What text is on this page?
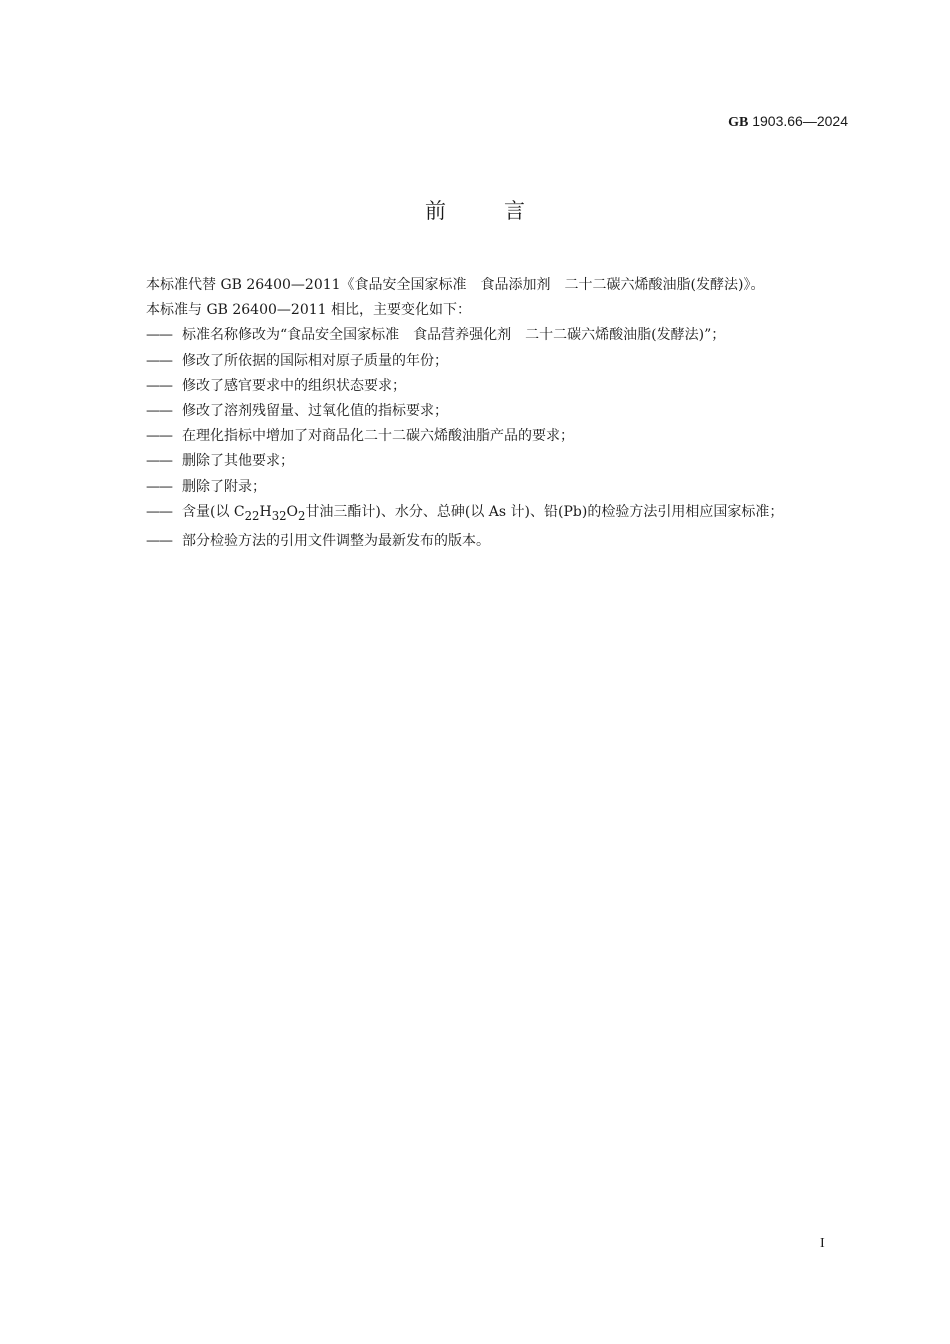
GB 1903.66—2024
前言
本标准代替 GB 26400—2011《食品安全国家标准　食品添加剂　二十二碳六烯酸油脂(发酵法)》。
本标准与 GB 26400—2011 相比，主要变化如下：
—— 标准名称修改为“食品安全国家标准　食品营养强化剂　二十二碳六烯酸油脂(发酵法)”；
—— 修改了所依据的国际相对原子质量的年份；
—— 修改了感官要求中的组织状态要求；
—— 修改了溶剂残留量、过氧化值的指标要求；
—— 在理化指标中增加了对商品化二十二碳六烯酸油脂产品的要求；
—— 删除了其他要求；
—— 删除了附录；
—— 含量(以 $C_{22}H_{32}O_2$甘油三酯计)、水分、总砷(以 As 计)、铅(Pb)的检验方法引用相应国家标准；
—— 部分检验方法的引用文件调整为最新发布的版本。
I
